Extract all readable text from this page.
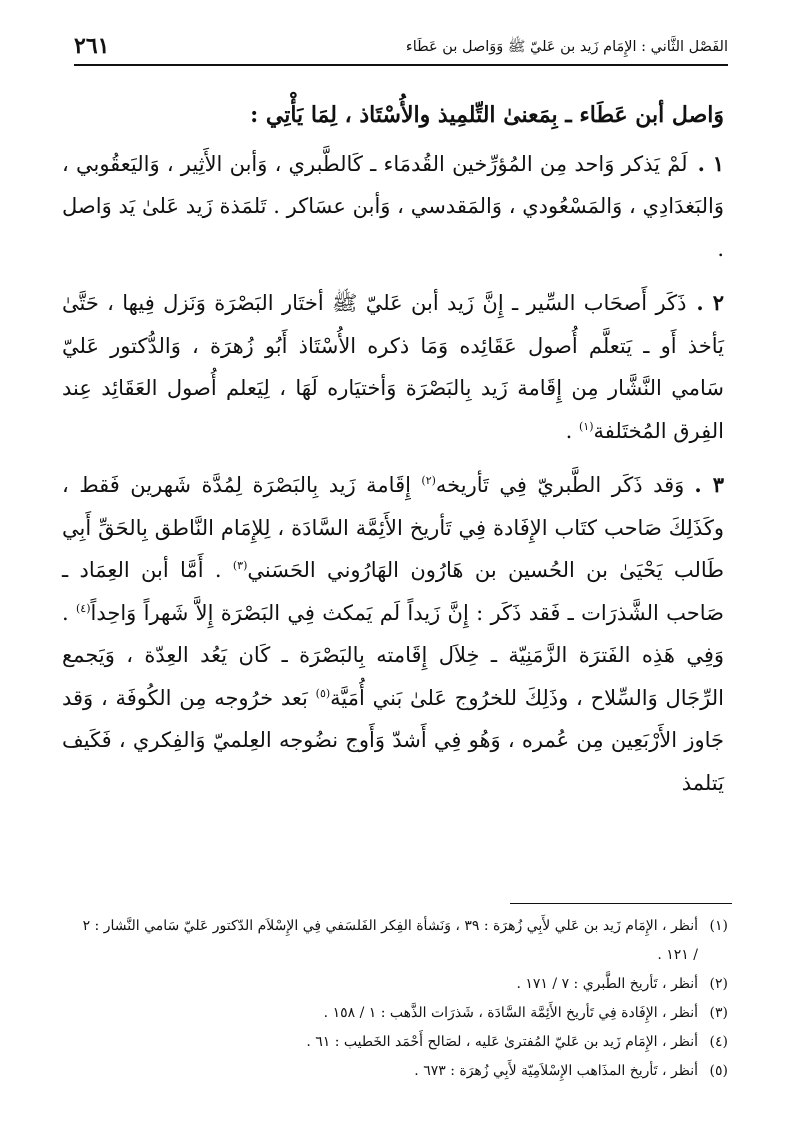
٢٦١	الفَصْل الثَّاني : الإِمَام زَيد بن عَليّ ﷺ وَوَاصل بن عَطَاء

وَاصل أبن عَطَاء ـ بِمَعنىٰ التِّلمِيذ والأُسْتَاذ ، لِمَا يَأْتِي :

١ .لَمْ يَذكر وَاحد مِن المُؤرِّخين القُدمَاء ـ كَالطَّبري ، وَأبن الأَثِير ، وَاليَعقُوبي ، وَالبَغدَادِي ، وَالمَسْعُودي ، وَالمَقدسي ، وَأبن عسَاكر . تَلمَذة زَيد عَلىٰ يَد وَاصل .

٢ .ذَكَر أَصحَاب السِّير ـ إِنَّ زَيد أبن عَليّ ﷺ أختَار البَصْرَة وَنَزل فِيها ، حَتَّىٰ يَأخذ أَو ـ يَتعلَّم أُصول عَقَائِده وَمَا ذكره الأُسْتَاذ أَبُو زُهرَة ، وَالدُّكتور عَليّ سَامي النَّشَّار مِن إِقَامة زَيد بِالبَصْرَة وَأختيَاره لَهَا ، لِيَعلم أُصول العَقَائِد عِند الفِرق المُختَلفة$^{(١)}$ .

٣ .وَقد ذَكَر الطَّبريّ فِي تَأريخه$^{(٢)}$ إِقَامة زَيد بِالبَصْرَة لِمُدَّة شَهرين فَقط ، وكَذَلِكَ صَاحب كتَاب الإِفَادة فِي تَأريخ الأَئِمَّة السَّادَة ، لِلإِمَام النَّاطق بِالحَقِّ أَبِي طَالب يَحْيَىٰ بن الحُسين بن هَارُون الهَارُوني الحَسَني$^{(٣)}$ . أَمَّا أبن العِمَاد ـ صَاحب الشَّذرَات ـ فَقد ذَكَر : إِنَّ زَيداً لَم يَمكث فِي البَصْرَة إِلاَّ شَهراً وَاحِداً$^{(٤)}$ . وَفِي هَذِه الفَترَة الزَّمَنِيّة ـ خِلاَل إِقَامته بِالبَصْرَة ـ كَان يَعُد العِدّة ، وَيَجمع الرِّجَال وَالسِّلاح ، وذَلِكَ للخرُوج عَلىٰ بَني أُمَيَّة$^{(٥)}$ بَعد خرُوجه مِن الكُوفَة ، وَقد جَاوز الأَرْبَعِين مِن عُمره ، وَهُو فِي أَشدّ وَأَوج نضُوجه العِلميّ وَالفِكري ، فَكَيف يَتلمذ

(١)
أنظر ، الإِمَام زَيد بن عَلي لأَبِي زُهرَة : ٣٩ ، وَنَشأة الفِكر الفَلسَفي فِي الإِسْلاَم الدّكتور عَليّ سَامي النَّشار : ٢ / ١٢١ .
(٢)
أنظر ، تَأريخ الطَّبري : ٧ / ١٧١ .
(٣)
أنظر ، الإِفَادة فِي تَأريخ الأَئِمَّة السَّادَة ، شَذرَات الذَّهب : ١ / ١٥٨ .
(٤)
أنظر ، الإِمَام زَيد بن عَليّ المُفترىٰ عَليه ، لصَالح أَحْمَد الخَطيب : ٦١ .
(٥)
أنظر ، تَأريخ المذَاهب الإِسْلاَمِيّة لأَبِي زُهرَة : ٦٧٣ .
